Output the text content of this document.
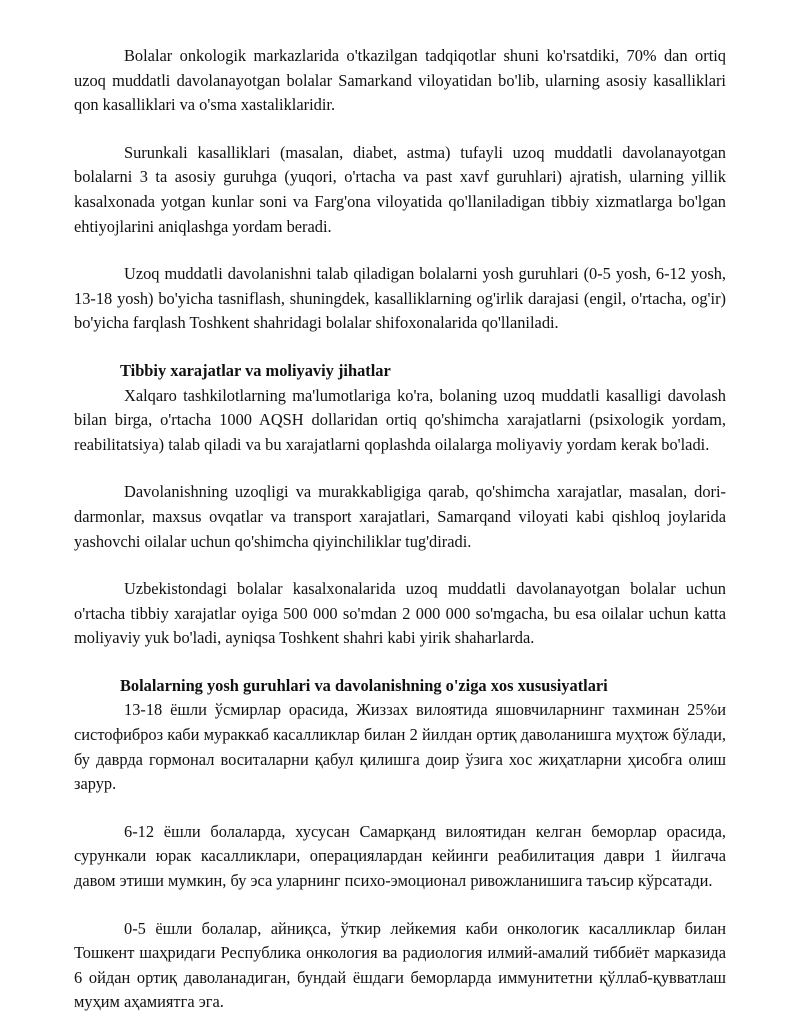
Bolalar onkologik markazlarida o'tkazilgan tadqiqotlar shuni ko'rsatdiki, 70% dan ortiq uzoq muddatli davolanayotgan bolalar Samarkand viloyatidan bo'lib, ularning asosiy kasalliklari qon kasalliklari va o'sma xastaliklaridir.

Surunkali kasalliklari (masalan, diabet, astma) tufayli uzoq muddatli davolanayotgan bolalarni 3 ta asosiy guruhga (yuqori, o'rtacha va past xavf guruhlari) ajratish, ularning yillik kasalxonada yotgan kunlar soni va Farg'ona viloyatida qo'llaniladigan tibbiy xizmatlarga bo'lgan ehtiyojlarini aniqlashga yordam beradi.

Uzoq muddatli davolanishni talab qiladigan bolalarni yosh guruhlari (0-5 yosh, 6-12 yosh, 13-18 yosh) bo'yicha tasniflash, shuningdek, kasalliklarning og'irlik darajasi (engil, o'rtacha, og'ir) bo'yicha farqlash Toshkent shahridagi bolalar shifoxonalarida qo'llaniladi.

Tibbiy xarajatlar va moliyaviy jihatlar

Xalqaro tashkilotlarning ma'lumotlariga ko'ra, bolaning uzoq muddatli kasalligi davolash bilan birga, o'rtacha 1000 AQSH dollaridan ortiq qo'shimcha xarajatlarni (psixologik yordam, reabilitatsiya) talab qiladi va bu xarajatlarni qoplashda oilalarga moliyaviy yordam kerak bo'ladi.

Davolanishning uzoqligi va murakkabligiga qarab, qo'shimcha xarajatlar, masalan, dori-darmonlar, maxsus ovqatlar va transport xarajatlari, Samarqand viloyati kabi qishloq joylarida yashovchi oilalar uchun qo'shimcha qiyinchiliklar tug'diradi.

Uzbekistondagi bolalar kasalxonalarida uzoq muddatli davolanayotgan bolalar uchun o'rtacha tibbiy xarajatlar oyiga 500 000 so'mdan 2 000 000 so'mgacha, bu esa oilalar uchun katta moliyaviy yuk bo'ladi, ayniqsa Toshkent shahri kabi yirik shaharlarda.

Bolalarning yosh guruhlari va davolanishning o'ziga xos xususiyatlari

13-18 ёшли ўсмирлар орасида, Жиззах вилоятида яшовчиларнинг тахминан 25%и систофиброз каби мураккаб касалликлар билан 2 йилдан ортиқ даволанишга муҳтож бўлади, бу даврда гормонал воситаларни қабул қилишга доир ўзига хос жиҳатларни ҳисобга олиш зарур.

6-12 ёшли болаларда, хусусан Самарқанд вилоятидан келган беморлар орасида, сурункали юрак касалликлари, операциялардан кейинги реабилитация даври 1 йилгача давом этиши мумкин, бу эса уларнинг психо-эмоционал ривожланишига таъсир кўрсатади.

0-5 ёшли болалар, айниқса, ўткир лейкемия каби онкологик касалликлар билан Тошкент шаҳридаги Республика онкология ва радиология илмий-амалий тиббиёт марказида 6 ойдан ортиқ даволанадиган, бундай ёшдаги беморларда иммунитетни қўллаб-қувватлаш муҳим аҳамиятга эга.
